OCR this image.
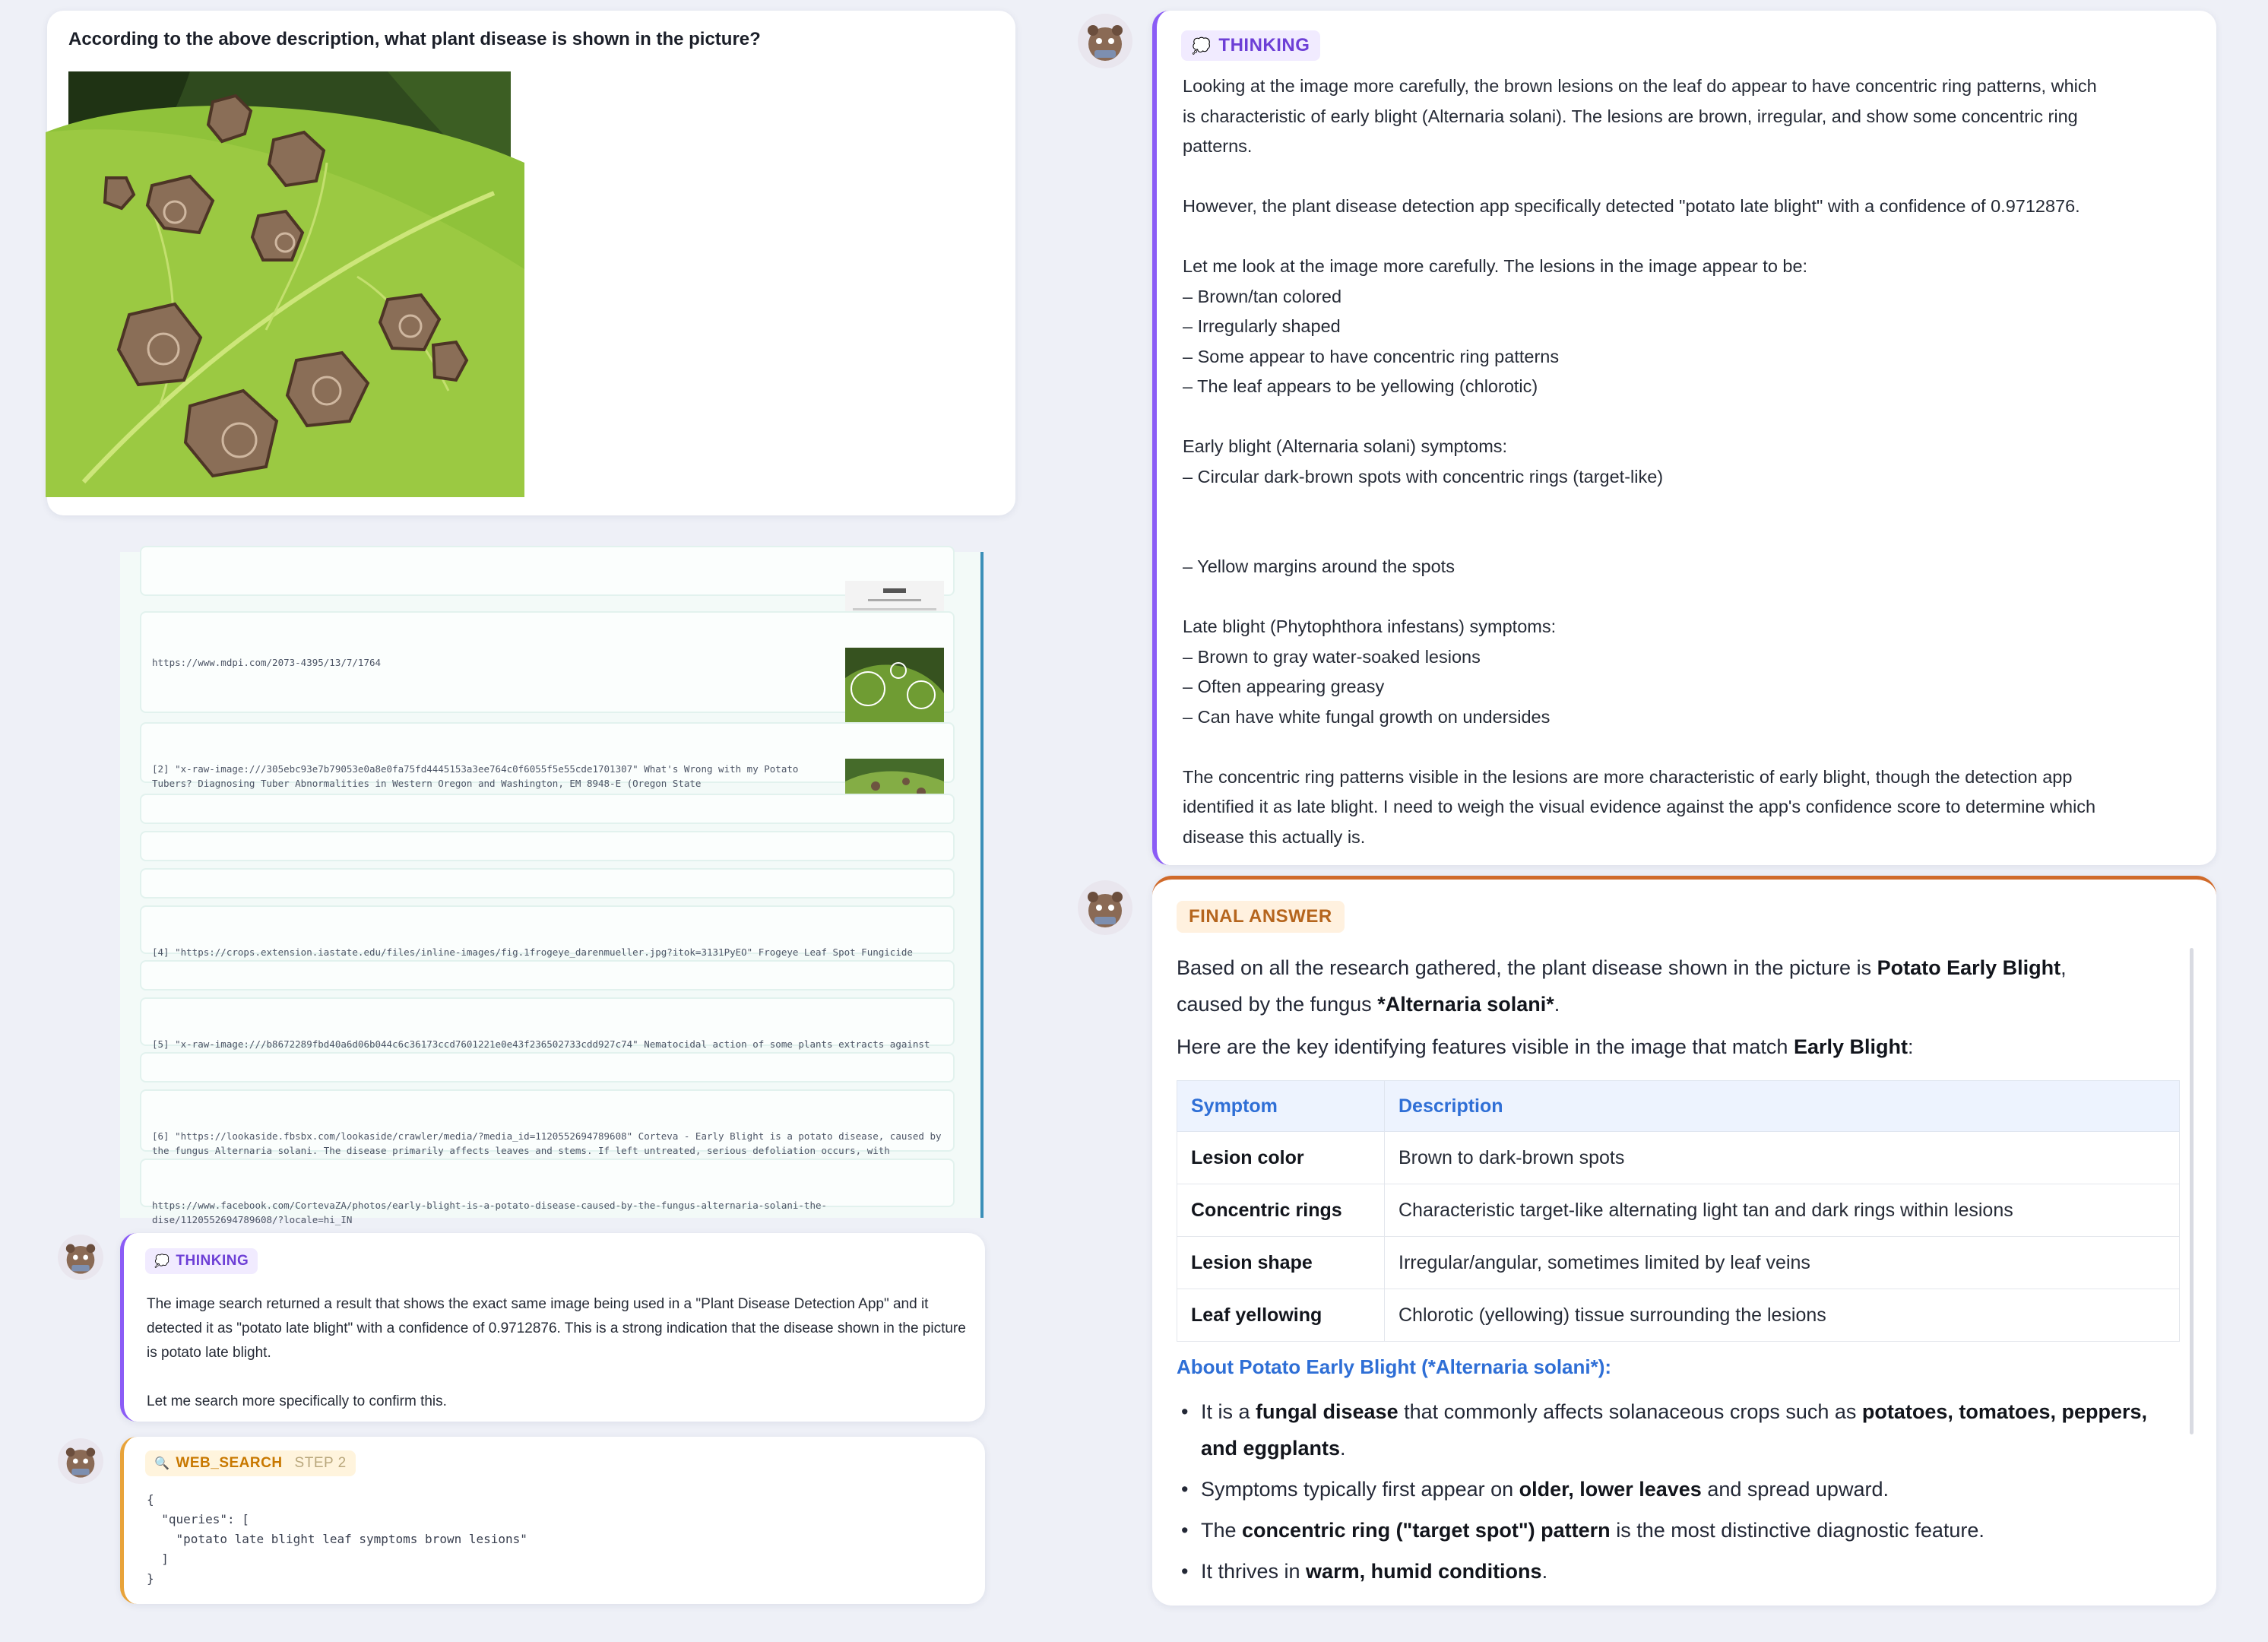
According to the above description, what plant disease is shown in the picture?

https://www.mdpi.com/2073-4395/13/7/1764

[2] "x-raw-image:///305ebc93e7b79053e0a8e0fa75fd4445153a3ee764c0f6055f5e55cde1701307" What's Wrong with my Potato Tubers? Diagnosing Tuber Abnormalities in Western Oregon and Washington, EM 8948-E (Oregon State

[4] "https://crops.extension.iastate.edu/files/inline-images/fig.1frogeye_darenmueller.jpg?itok=3131PyEO" Frogeye Leaf Spot Fungicide

[5] "x-raw-image:///b8672289fbd40a6d06b044c6c36173ccd7601221e0e43f236502733cdd927c74" Nematocidal action of some plants extracts against

[6] "https://lookaside.fbsbx.com/lookaside/crawler/media/?media_id=1120552694789608" Corteva - Early Blight is a potato disease, caused by the fungus Alternaria solani. The disease primarily affects leaves and stems. If left untreated, serious defoliation occurs, with

https://www.facebook.com/CortevaZA/photos/early-blight-is-a-potato-disease-caused-by-the-fungus-alternaria-solani-the-dise/1120552694789608/?locale=hi_IN

💭 THINKING

The image search returned a result that shows the exact same image being used in a "Plant Disease Detection App" and it detected it as "potato late blight" with a confidence of 0.9712876. This is a strong indication that the disease shown in the picture is potato late blight.

Let me search more specifically to confirm this.

🔍 WEB_SEARCH STEP 2
{
"queries": [
"potato late blight leaf symptoms brown lesions"
]
}
💭 THINKING
Looking at the image more carefully, the brown lesions on the leaf do appear to have concentric ring patterns, which
is characteristic of early blight (Alternaria solani). The lesions are brown, irregular, and show some concentric ring
patterns.
However, the plant disease detection app specifically detected "potato late blight" with a confidence of 0.9712876.
Let me look at the image more carefully. The lesions in the image appear to be:
– Brown/tan colored
– Irregularly shaped
– Some appear to have concentric ring patterns
– The leaf appears to be yellowing (chlorotic)
Early blight (Alternaria solani) symptoms:
– Circular dark-brown spots with concentric rings (target-like)
– Yellow margins around the spots
Late blight (Phytophthora infestans) symptoms:
– Brown to gray water-soaked lesions
– Often appearing greasy
– Can have white fungal growth on undersides
The concentric ring patterns visible in the lesions are more characteristic of early blight, though the detection app
identified it as late blight. I need to weigh the visual evidence against the app's confidence score to determine which
disease this actually is.
FINAL ANSWER
Based on all the research gathered, the plant disease shown in the picture is Potato Early Blight,
caused by the fungus *Alternaria solani*.
Here are the key identifying features visible in the image that match Early Blight:
Symptom	Description
Lesion color	Brown to dark-brown spots
Concentric rings	Characteristic target-like alternating light tan and dark rings within lesions
Lesion shape	Irregular/angular, sometimes limited by leaf veins
Leaf yellowing	Chlorotic (yellowing) tissue surrounding the lesions
About Potato Early Blight (*Alternaria solani*):
• It is a fungal disease that commonly affects solanaceous crops such as potatoes, tomatoes, peppers, and eggplants.
• Symptoms typically first appear on older, lower leaves and spread upward.
• The concentric ring ("target spot") pattern is the most distinctive diagnostic feature.
• It thrives in warm, humid conditions.
